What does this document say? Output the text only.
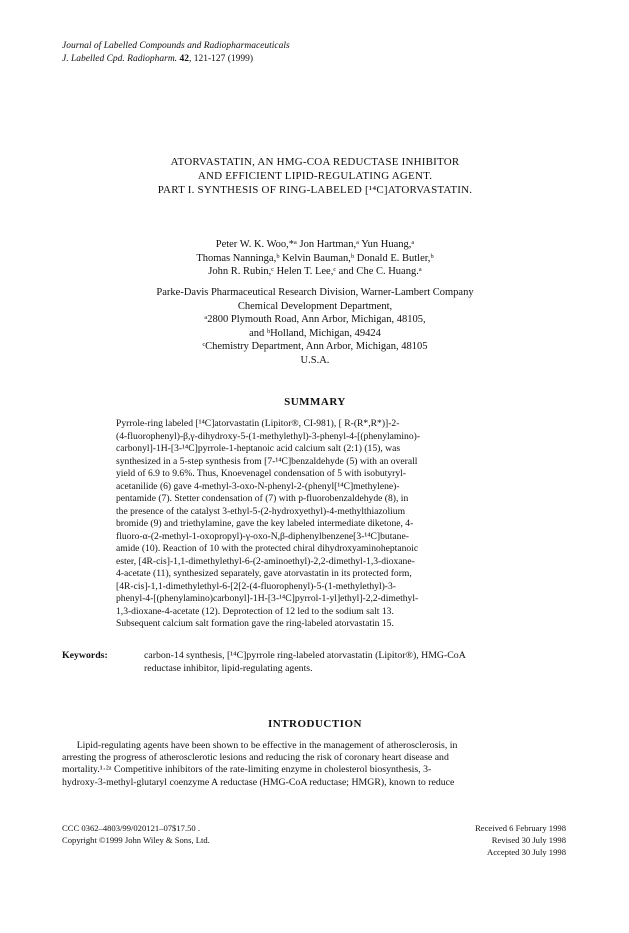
Journal of Labelled Compounds and Radiopharmaceuticals
J. Labelled Cpd. Radiopharm. 42, 121-127 (1999)
ATORVASTATIN, AN HMG-COA REDUCTASE INHIBITOR
AND EFFICIENT LIPID-REGULATING AGENT.
PART I. SYNTHESIS OF RING-LABELED [¹⁴C]ATORVASTATIN.
Peter W. K. Woo,*ᵃ Jon Hartman,ᵃ Yun Huang,ᵃ
Thomas Nanninga,ᵇ Kelvin Bauman,ᵇ Donald E. Butler,ᵇ
John R. Rubin,ᶜ Helen T. Lee,ᶜ and Che C. Huang.ᵃ
Parke-Davis Pharmaceutical Research Division, Warner-Lambert Company
Chemical Development Department,
ᵃ2800 Plymouth Road, Ann Arbor, Michigan, 48105,
and ᵇHolland, Michigan, 49424
ᶜChemistry Department, Ann Arbor, Michigan, 48105
U.S.A.
SUMMARY
Pyrrole-ring labeled [¹⁴C]atorvastatin (Lipitor®, CI-981), [ R-(R*,R*)]-2-
(4-fluorophenyl)-β,γ-dihydroxy-5-(1-methylethyl)-3-phenyl-4-[(phenylamino)-
carbonyl]-1H-[3-¹⁴C]pyrrole-1-heptanoic acid calcium salt (2:1) (15), was
synthesized in a 5-step synthesis from [7-¹⁴C]benzaldehyde (5) with an overall
yield of 6.9 to 9.6%. Thus, Knoevenagel condensation of 5 with isobutyryl-
acetanilide (6) gave 4-methyl-3-oxo-N-phenyl-2-(phenyl[¹⁴C]methylene)-
pentamide (7). Stetter condensation of (7) with p-fluorobenzaldehyde (8), in
the presence of the catalyst 3-ethyl-5-(2-hydroxyethyl)-4-methylthiazolium
bromide (9) and triethylamine, gave the key labeled intermediate diketone, 4-
fluoro-α-(2-methyl-1-oxopropyl)-γ-oxo-N,β-diphenylbenzene[3-¹⁴C]butane-
amide (10). Reaction of 10 with the protected chiral dihydroxyaminoheptanoic
ester, [4R-cis]-1,1-dimethylethyl-6-(2-aminoethyl)-2,2-dimethyl-1,3-dioxane-
4-acetate (11), synthesized separately, gave atorvastatin in its protected form,
[4R-cis]-1,1-dimethylethyl-6-[2[2-(4-fluorophenyl)-5-(1-methylethyl)-3-
phenyl-4-[(phenylamino)carbonyl]-1H-[3-¹⁴C]pyrrol-1-yl]ethyl]-2,2-dimethyl-
1,3-dioxane-4-acetate (12). Deprotection of 12 led to the sodium salt 13.
Subsequent calcium salt formation gave the ring-labeled atorvastatin 15.
Keywords:	carbon-14 synthesis, [¹⁴C]pyrrole ring-labeled atorvastatin (Lipitor®), HMG-CoA
reductase inhibitor, lipid-regulating agents.
INTRODUCTION
Lipid-regulating agents have been shown to be effective in the management of atherosclerosis, in
arresting the progress of atherosclerotic lesions and reducing the risk of coronary heart disease and
mortality.¹·²ᵃ Competitive inhibitors of the rate-limiting enzyme in cholesterol biosynthesis, 3-
hydroxy-3-methyl-glutaryl coenzyme A reductase (HMG-CoA reductase; HMGR), known to reduce
CCC 0362–4803/99/020121–07$17.50 .
Copyright ©1999 John Wiley & Sons, Ltd.
Received 6 February 1998
Revised 30 July 1998
Accepted 30 July 1998
